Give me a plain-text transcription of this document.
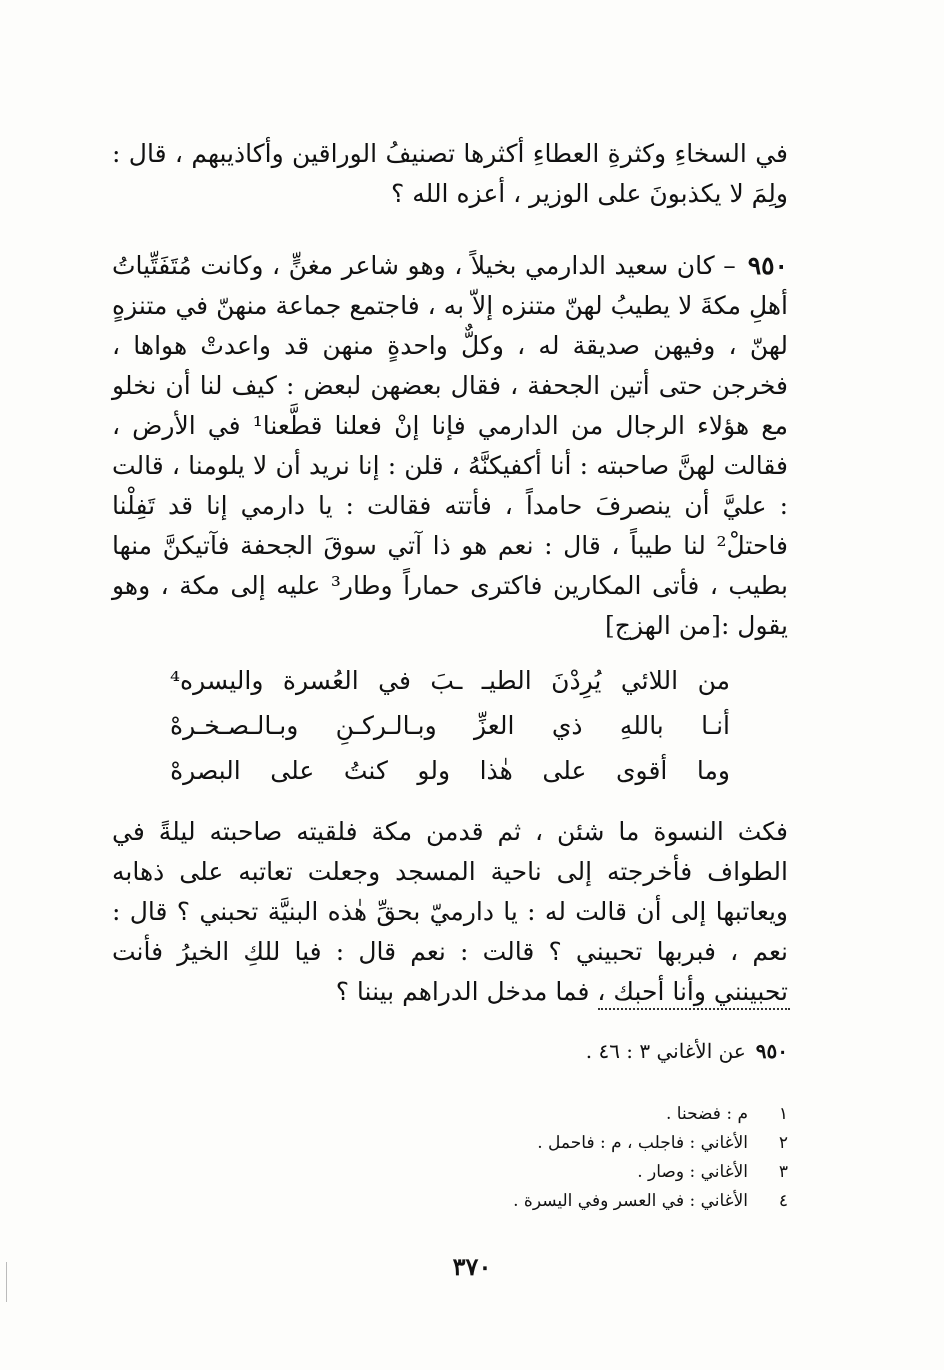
في السخاءِ وكثرةِ العطاءِ أكثرها تصنيفُ الوراقين وأكاذيبهم ، قال : ولِمَ لا يكذبونَ على الوزير ، أعزه الله ؟

٩٥٠– كان سعيد الدارمي بخيلاً ، وهو شاعر مغنٍّ ، وكانت مُتَفَتِّياتُ أهلِ مكةَ لا يطيبُ لهنّ متنزه إلاّ به ، فاجتمع جماعة منهنّ في متنزهٍ لهنّ ، وفيهن صديقة له ، وكلٌّ واحدةٍ منهن قد واعدتْ هواها ، فخرجن حتى أتين الجحفة ، فقال بعضهن لبعض : كيف لنا أن نخلو مع هؤلاء الرجال من الدارمي فإنا إنْ فعلنا قطَّعنا¹ في الأرض ، فقالت لهنَّ صاحبته : أنا أكفيكنَّهُ ، قلن : إنا نريد أن لا يلومنا ، قالت : عليَّ أن ينصرفَ حامداً ، فأتته فقالت : يا دارمي إنا قد تَفِلْنا فاحتلْ² لنا طيباً ، قال : نعم هو ذا آتي سوقَ الجحفة فآتيكنَّ منها بطيب ، فأتى المكارين فاكترى حماراً وطار³ عليه إلى مكة ، وهو يقول :[من الهزج]

من
اللائي
يُرِدْنَ
الطيـ
ـبَ
في
العُسرة
واليسره⁴
أنـا
باللهِ
ذي
العزِّ
وبـالـركـنِ
وبـالـصـخـرهْ
وما
أقوى
على
هٰذا
ولو
كنتُ
على
البصرهْ

فكث النسوة ما شئن ، ثم قدمن مكة فلقيته صاحبته ليلةً في الطواف فأخرجته إلى ناحية المسجد وجعلت تعاتبه على ذهابه ويعاتبها إلى أن قالت له : يا دارميّ بحقِّ هٰذه البنيَّة تحبني ؟ قال : نعم ، فبربها تحبيني ؟ قالت : نعم قال : فيا للكِ الخيرُ فأنت تحبينني وأنا أحبك ، فما مدخل الدراهم بيننا ؟

٩٥٠عن الأغاني ٣ : ٤٦ .
١
م : فضحنا .
٢
الأغاني : فاجلب ، م : فاحمل .
٣
الأغاني : وصار .
٤
الأغاني : في العسر وفي اليسرة .
٣٧٠
